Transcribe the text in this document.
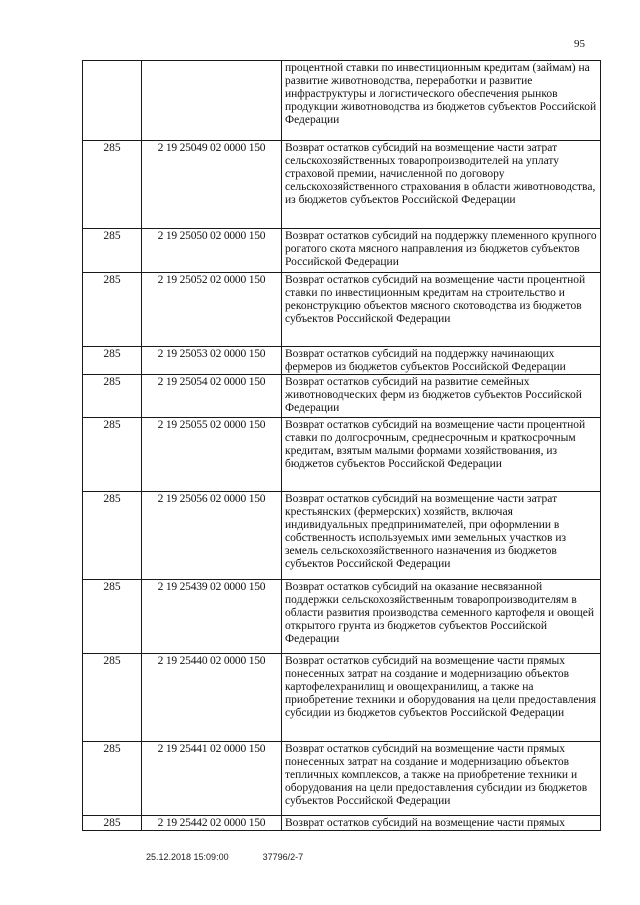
95
		процентной ставки по инвестиционным кредитам (займам) на развитие животноводства, переработки и развитие инфраструктуры и логистического обеспечения рынков продукции животноводства из бюджетов субъектов Российской Федерации
285	2 19 25049 02 0000 150	Возврат остатков субсидий на возмещение части затрат сельскохозяйственных товаропроизводителей на уплату страховой премии, начисленной по договору сельскохозяйственного страхования в области животноводства, из бюджетов субъектов Российской Федерации
285	2 19 25050 02 0000 150	Возврат остатков субсидий на поддержку племенного крупного рогатого скота мясного направления из бюджетов субъектов Российской Федерации
285	2 19 25052 02 0000 150	Возврат остатков субсидий на возмещение части процентной ставки по инвестиционным кредитам на строительство и реконструкцию объектов мясного скотоводства из бюджетов субъектов Российской Федерации
285	2 19 25053 02 0000 150	Возврат остатков субсидий на поддержку начинающих фермеров из бюджетов субъектов Российской Федерации
285	2 19 25054 02 0000 150	Возврат остатков субсидий на развитие семейных животноводческих ферм из бюджетов субъектов Российской Федерации
285	2 19 25055 02 0000 150	Возврат остатков субсидий на возмещение части процентной ставки по долгосрочным, среднесрочным и краткосрочным кредитам, взятым малыми формами хозяйствования, из бюджетов субъектов Российской Федерации
285	2 19 25056 02 0000 150	Возврат остатков субсидий на возмещение части затрат крестьянских (фермерских) хозяйств, включая индивидуальных предпринимателей, при оформлении в собственность используемых ими земельных участков из земель сельскохозяйственного назначения из бюджетов субъектов Российской Федерации
285	2 19 25439 02 0000 150	Возврат остатков субсидий на оказание несвязанной поддержки сельскохозяйственным товаропроизводителям в области развития производства семенного картофеля и овощей открытого грунта из бюджетов субъектов Российской Федерации
285	2 19 25440 02 0000 150	Возврат остатков субсидий на возмещение части прямых понесенных затрат на создание и модернизацию объектов картофелехранилищ и овощехранилищ, а также на приобретение техники и оборудования на цели предоставления субсидии из бюджетов субъектов Российской Федерации
285	2 19 25441 02 0000 150	Возврат остатков субсидий на возмещение части прямых понесенных затрат на создание и модернизацию объектов тепличных комплексов, а также на приобретение техники и оборудования на цели предоставления субсидии из бюджетов субъектов Российской Федерации
285	2 19 25442 02 0000 150	Возврат остатков субсидий на возмещение части прямых
25.12.2018 15:09:00	37796/2-7
